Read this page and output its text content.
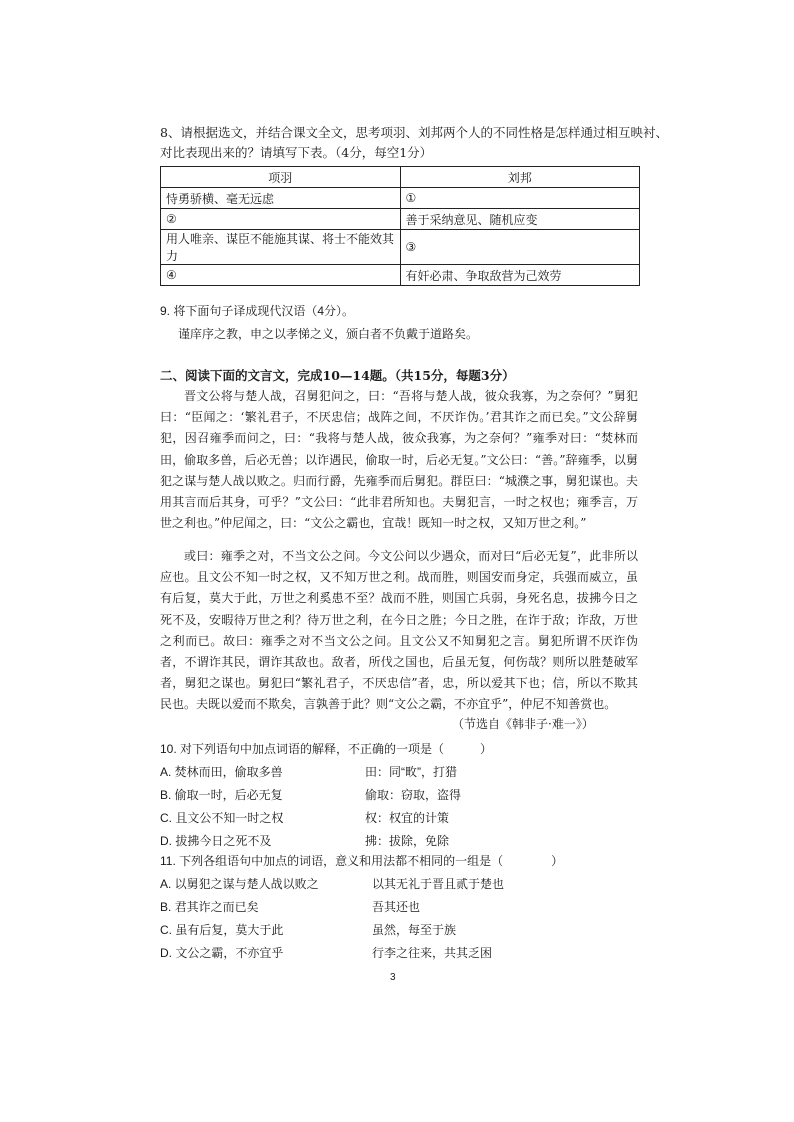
8、请根据选文，并结合课文全文，思考项羽、刘邦两个人的不同性格是怎样通过相互映衬、
对比表现出来的？请填写下表。（4分，每空1分）
项羽	刘邦
恃勇骄横、毫无远虑	①
②	善于采纳意见、随机应变
用人唯亲、谋臣不能施其谋、将士不能效其力	③
④	有奸必肃、争取敌营为己效劳
9. 将下面句子译成现代汉语（4分）。
谨庠序之教，申之以孝悌之义，颁白者不负戴于道路矣。
二、阅读下面的文言文，完成10—14题。（共15分，每题3分）
晋文公将与楚人战，召舅犯问之，曰：“吾将与楚人战，彼众我寡，为之奈何？”舅犯曰：“臣闻之：‘繁礼君子，不厌忠信；战阵之间，不厌诈伪。’君其诈之而已矣。”文公辞舅犯，因召雍季而问之，曰：“我将与楚人战，彼众我寡，为之奈何？”雍季对曰：“焚林而田，偷取多兽，后必无兽；以诈遇民，偷取一时，后必无复。”文公曰：“善。”辞雍季，以舅犯之谋与楚人战以败之。归而行爵，先雍季而后舅犯。群臣曰：“城濮之事，舅犯谋也。夫用其言而后其身，可乎？”文公曰：“此非君所知也。夫舅犯言，一时之权也；雍季言，万世之利也。”仲尼闻之，曰：“文公之霸也，宜哉！既知一时之权，又知万世之利。”
或曰：雍季之对，不当文公之问。今文公问以少遇众，而对曰“后必无复”，此非所以应也。且文公不知一时之权，又不知万世之利。战而胜，则国安而身定，兵强而威立，虽有后复，莫大于此，万世之利奚患不至？战而不胜，则国亡兵弱，身死名息，拔拂今日之死不及，安暇待万世之利？待万世之利，在今日之胜；今日之胜，在诈于敌；诈敌，万世之利而已。故曰：雍季之对不当文公之问。且文公又不知舅犯之言。舅犯所谓不厌诈伪者，不谓诈其民，谓诈其敌也。敌者，所伐之国也，后虽无复，何伤哉？则所以胜楚破军者，舅犯之谋也。舅犯曰“繁礼君子，不厌忠信”者，忠，所以爱其下也；信，所以不欺其民也。夫既以爱而不欺矣，言孰善于此？则“文公之霸，不亦宜乎”，仲尼不知善赏也。
（节选自《韩非子·难一》）
10. 对下列语句中加点词语的解释，不正确的一项是（　　　）
A. 焚林而田，偷取多兽	田：同“畋”，打猎
B. 偷取一时，后必无复	偷取：窃取，盗得
C. 且文公不知一时之权	权：权宜的计策
D. 拔拂今日之死不及	拂：拔除，免除
11. 下列各组语句中加点的词语，意义和用法都不相同的一组是（　　　　）
A. 以舅犯之谋与楚人战以败之	以其无礼于晋且贰于楚也
B. 君其诈之而已矣	吾其还也
C. 虽有后复，莫大于此	虽然，每至于族
D. 文公之霸，不亦宜乎	行李之往来，共其乏困
3
